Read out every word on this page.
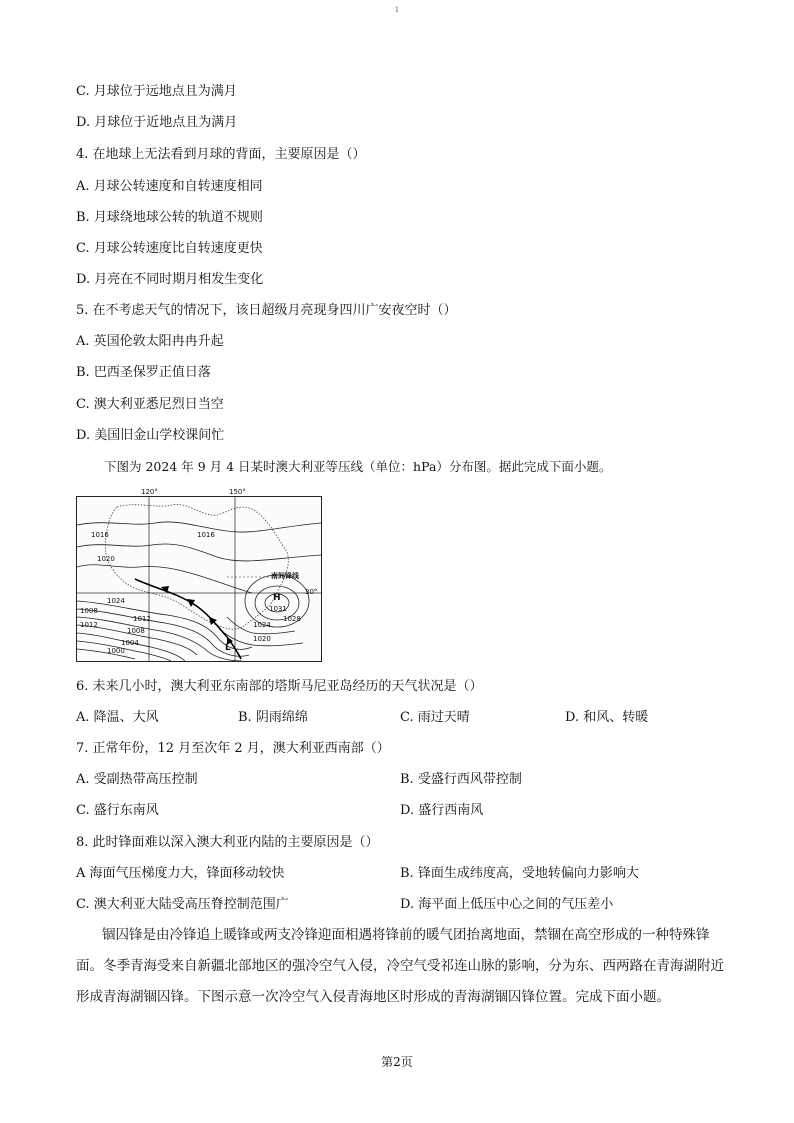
1
C. 月球位于远地点且为满月
D. 月球位于近地点且为满月
4. 在地球上无法看到月球的背面，主要原因是（）
A. 月球公转速度和自转速度相同
B. 月球绕地球公转的轨道不规则
C. 月球公转速度比自转速度更快
D. 月亮在不同时期月相发生变化
5. 在不考虑天气的情况下，该日超级月亮现身四川广安夜空时（）
A. 英国伦敦太阳冉冉升起
B. 巴西圣保罗正值日落
C. 澳大利亚悉尼烈日当空
D. 美国旧金山学校课间忙
下图为 2024 年 9 月 4 日某时澳大利亚等压线（单位：hPa）分布图。据此完成下面小题。
120°	150°
30°
南间锋线
H
1031
L
1016	1016
1020
1024
1028
1024
1020
1012
1008
1004
1000
1008
1012
6. 未来几小时，澳大利亚东南部的塔斯马尼亚岛经历的天气状况是（）
A. 降温、大风	B. 阴雨绵绵	C. 雨过天晴	D. 和风、转暖
7. 正常年份，12 月至次年 2 月，澳大利亚西南部（）
A. 受副热带高压控制	B. 受盛行西风带控制
C. 盛行东南风	D. 盛行西南风
8. 此时锋面难以深入澳大利亚内陆的主要原因是（）
A 海面气压梯度力大，锋面移动较快	B. 锋面生成纬度高，受地转偏向力影响大
C. 澳大利亚大陆受高压脊控制范围广	D. 海平面上低压中心之间的气压差小
锢囚锋是由冷锋追上暖锋或两支冷锋迎面相遇将锋前的暖气团抬离地面，禁锢在高空形成的一种特殊锋面。冬季青海受来自新疆北部地区的强冷空气入侵，冷空气受祁连山脉的影响，分为东、西两路在青海湖附近形成青海湖锢囚锋。下图示意一次冷空气入侵青海地区时形成的青海湖锢囚锋位置。完成下面小题。
第2页
